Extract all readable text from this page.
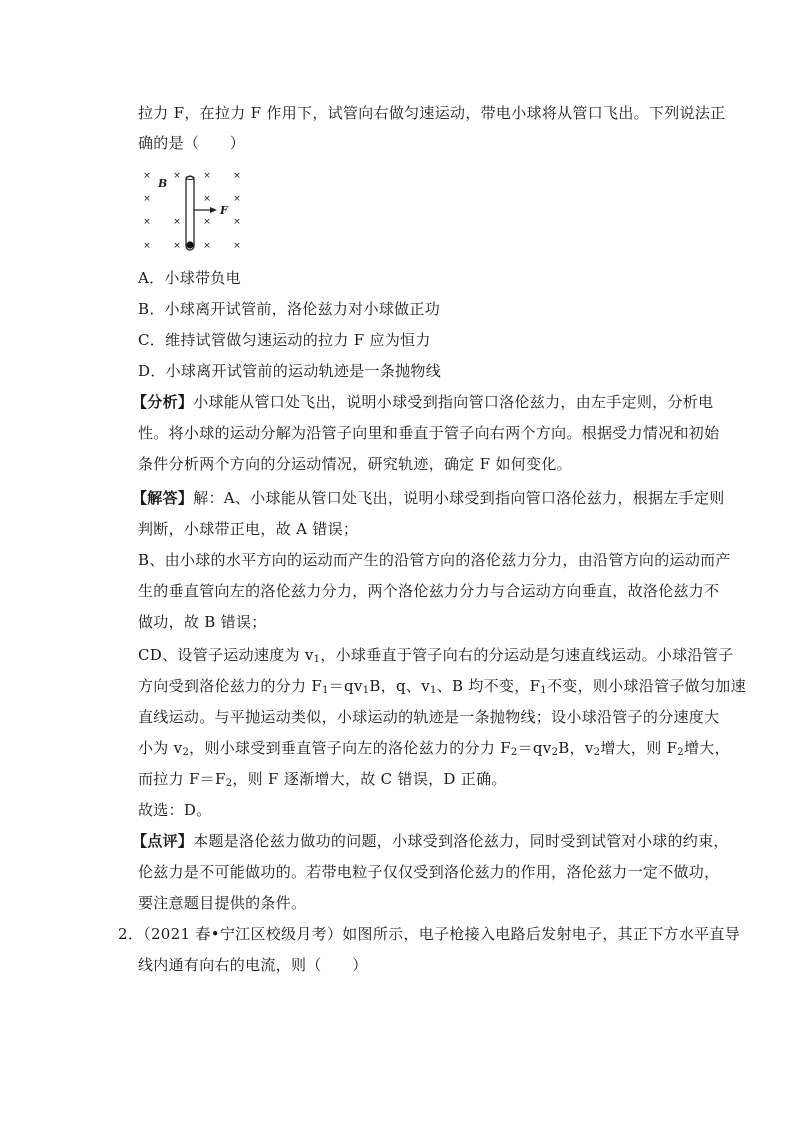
拉力 F，在拉力 F 作用下，试管向右做匀速运动，带电小球将从管口飞出。下列说法正
确的是（　　）
× × × ×
×	× ×
× × × ×
× × × ×
B
F
A．小球带负电
B．小球离开试管前，洛伦兹力对小球做正功
C．维持试管做匀速运动的拉力 F 应为恒力
D．小球离开试管前的运动轨迹是一条抛物线
【分析】小球能从管口处飞出，说明小球受到指向管口洛伦兹力，由左手定则，分析电
性。将小球的运动分解为沿管子向里和垂直于管子向右两个方向。根据受力情况和初始
条件分析两个方向的分运动情况，研究轨迹，确定 F 如何变化。
【解答】解：A、小球能从管口处飞出，说明小球受到指向管口洛伦兹力，根据左手定则
判断，小球带正电，故 A 错误；
B、由小球的水平方向的运动而产生的沿管方向的洛伦兹力分力，由沿管方向的运动而产
生的垂直管向左的洛伦兹力分力，两个洛伦兹力分力与合运动方向垂直，故洛伦兹力不
做功，故 B 错误；
CD、设管子运动速度为 $v_1$，小球垂直于管子向右的分运动是匀速直线运动。小球沿管子
方向受到洛伦兹力的分力 $F_1=qv_1B$，q、$v_1$、B 均不变，$F_1$不变，则小球沿管子做匀加速
直线运动。与平抛运动类似，小球运动的轨迹是一条抛物线；设小球沿管子的分速度大
小为 $v_2$，则小球受到垂直管子向左的洛伦兹力的分力 $F_2=qv_2B$，$v_2$增大，则 $F_2$增大，
而拉力 $F=F_2$，则 F 逐渐增大，故 C 错误，D 正确。
故选：D。
【点评】本题是洛伦兹力做功的问题，小球受到洛伦兹力，同时受到试管对小球的约束，
伦兹力是不可能做功的。若带电粒子仅仅受到洛伦兹力的作用，洛伦兹力一定不做功，
要注意题目提供的条件。
2．（2021 春•宁江区校级月考）如图所示，电子枪接入电路后发射电子，其正下方水平直导
线内通有向右的电流，则（　　）
